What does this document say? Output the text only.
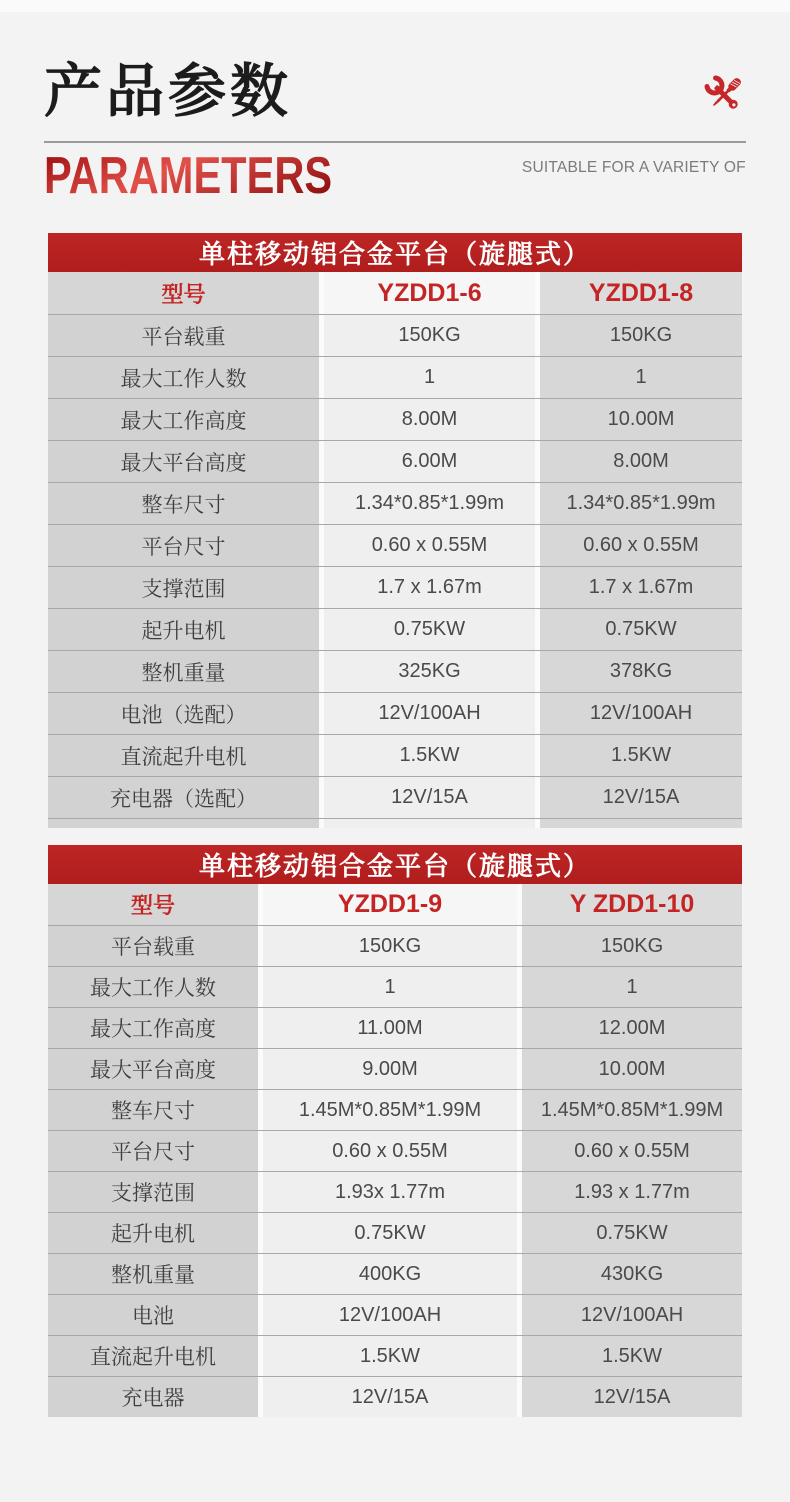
产品参数
PARAMETERS	SUITABLE FOR A VARIETY OF
单柱移动铝合金平台（旋腿式）
型号	YZDD1-6	YZDD1-8
平台载重	150KG	150KG
最大工作人数	1	1
最大工作高度	8.00M	10.00M
最大平台高度	6.00M	8.00M
整车尺寸	1.34*0.85*1.99m	1.34*0.85*1.99m
平台尺寸	0.60 x 0.55M	0.60 x 0.55M
支撑范围	1.7 x 1.67m	1.7 x 1.67m
起升电机	0.75KW	0.75KW
整机重量	325KG	378KG
电池（选配）	12V/100AH	12V/100AH
直流起升电机	1.5KW	1.5KW
充电器（选配）	12V/15A	12V/15A
单柱移动铝合金平台（旋腿式）
型号	YZDD1-9	Y ZDD1-10
平台载重	150KG	150KG
最大工作人数	1	1
最大工作高度	11.00M	12.00M
最大平台高度	9.00M	10.00M
整车尺寸	1.45M*0.85M*1.99M	1.45M*0.85M*1.99M
平台尺寸	0.60 x 0.55M	0.60 x 0.55M
支撑范围	1.93x 1.77m	1.93 x 1.77m
起升电机	0.75KW	0.75KW
整机重量	400KG	430KG
电池	12V/100AH	12V/100AH
直流起升电机	1.5KW	1.5KW
充电器	12V/15A	12V/15A
